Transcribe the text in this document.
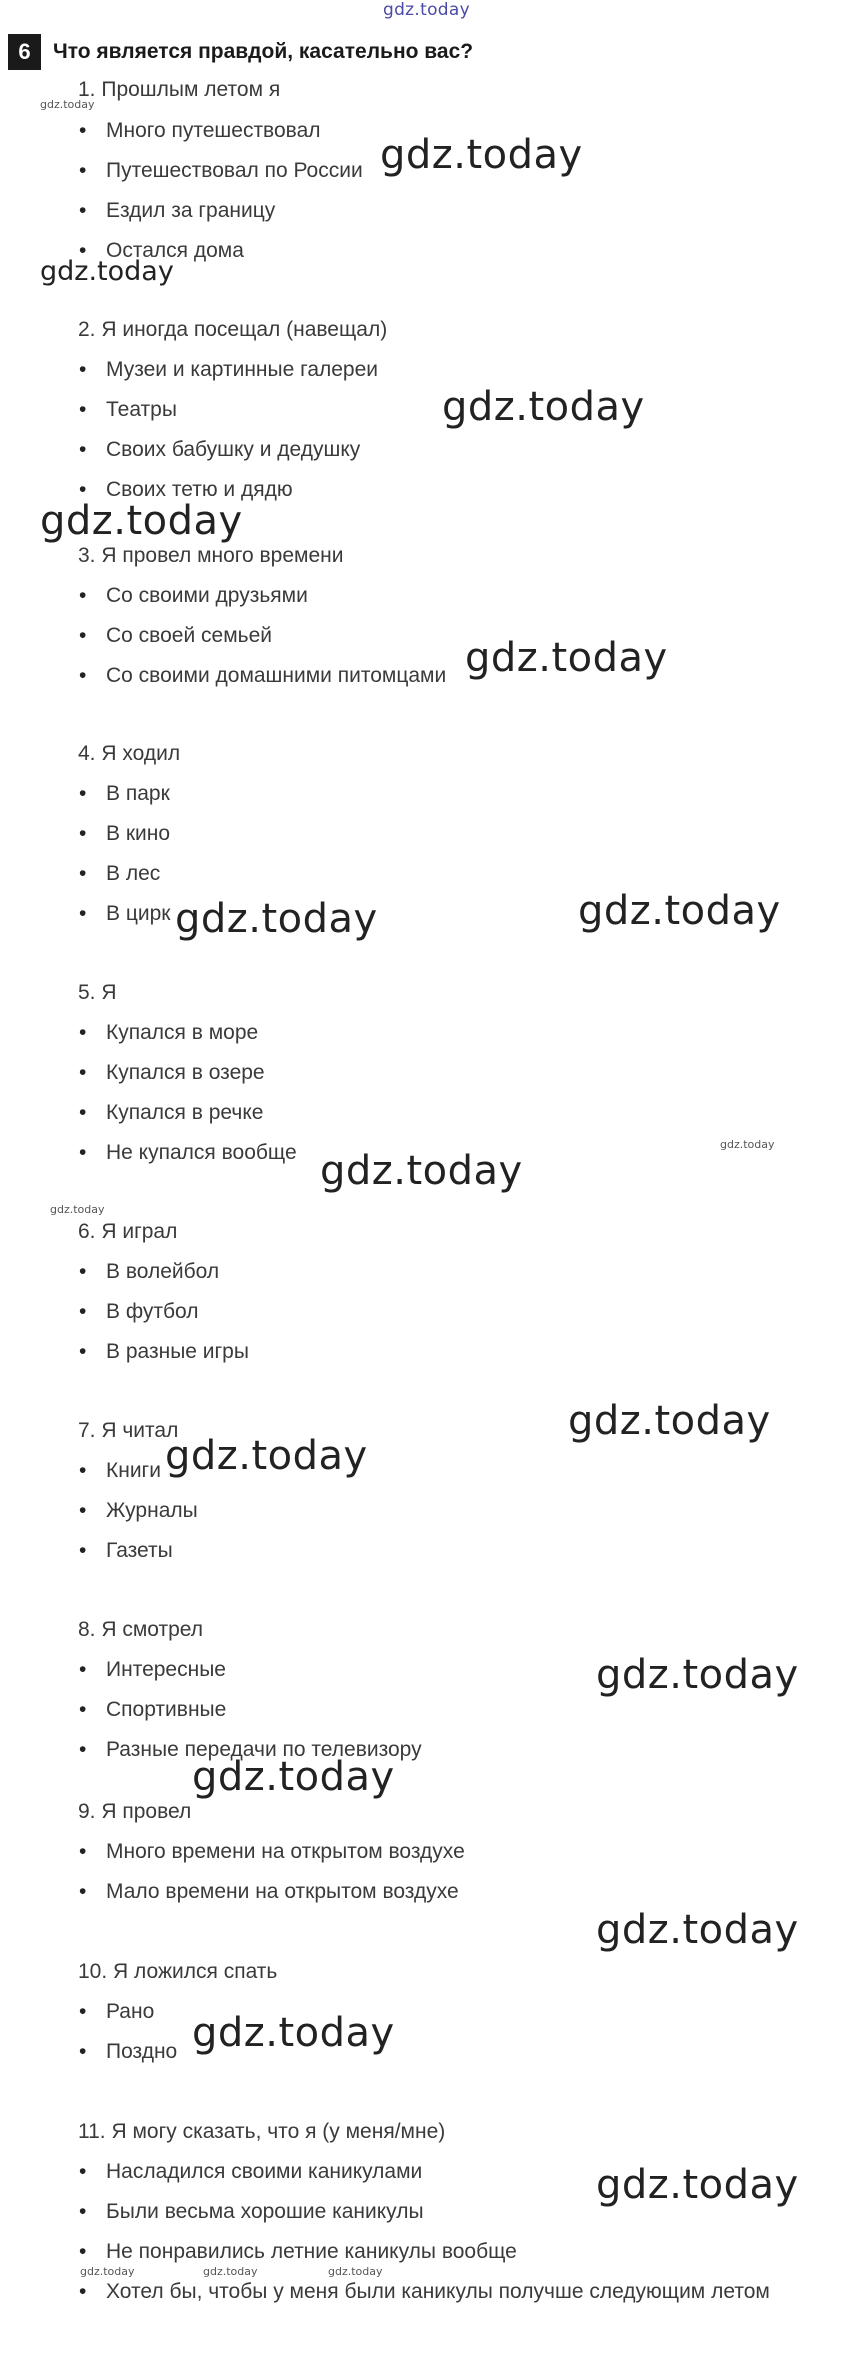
gdz.today
6	Что является правдой, касательно вас?
1. Прошлым летом я
• Много путешествовал
• Путешествовал по России
• Ездил за границу
• Остался дома
2. Я иногда посещал (навещал)
• Музеи и картинные галереи
• Театры
• Своих бабушку и дедушку
• Своих тетю и дядю
3. Я провел много времени
• Со своими друзьями
• Со своей семьей
• Со своими домашними питомцами
4. Я ходил
• В парк
• В кино
• В лес
• В цирк
5. Я
• Купался в море
• Купался в озере
• Купался в речке
• Не купался вообще
6. Я играл
• В волейбол
• В футбол
• В разные игры
7. Я читал
• Книги
• Журналы
• Газеты
8. Я смотрел
• Интересные
• Спортивные
• Разные передачи по телевизору
9. Я провел
• Много времени на открытом воздухе
• Мало времени на открытом воздухе
10. Я ложился спать
• Рано
• Поздно
11. Я могу сказать, что я (у меня/мне)
• Насладился своими каникулами
• Были весьма хорошие каникулы
• Не понравились летние каникулы вообще
• Хотел бы, чтобы у меня были каникулы получше следующим летом
gdz.today
gdz.today
gdz.today
gdz.today
gdz.today
gdz.today
gdz.today	gdz.today
gdz.today
gdz.today
gdz.today
gdz.today
gdz.today
gdz.today
gdz.today
gdz.today
gdz.today
gdz.today
gdz.today	gdz.today	gdz.today
